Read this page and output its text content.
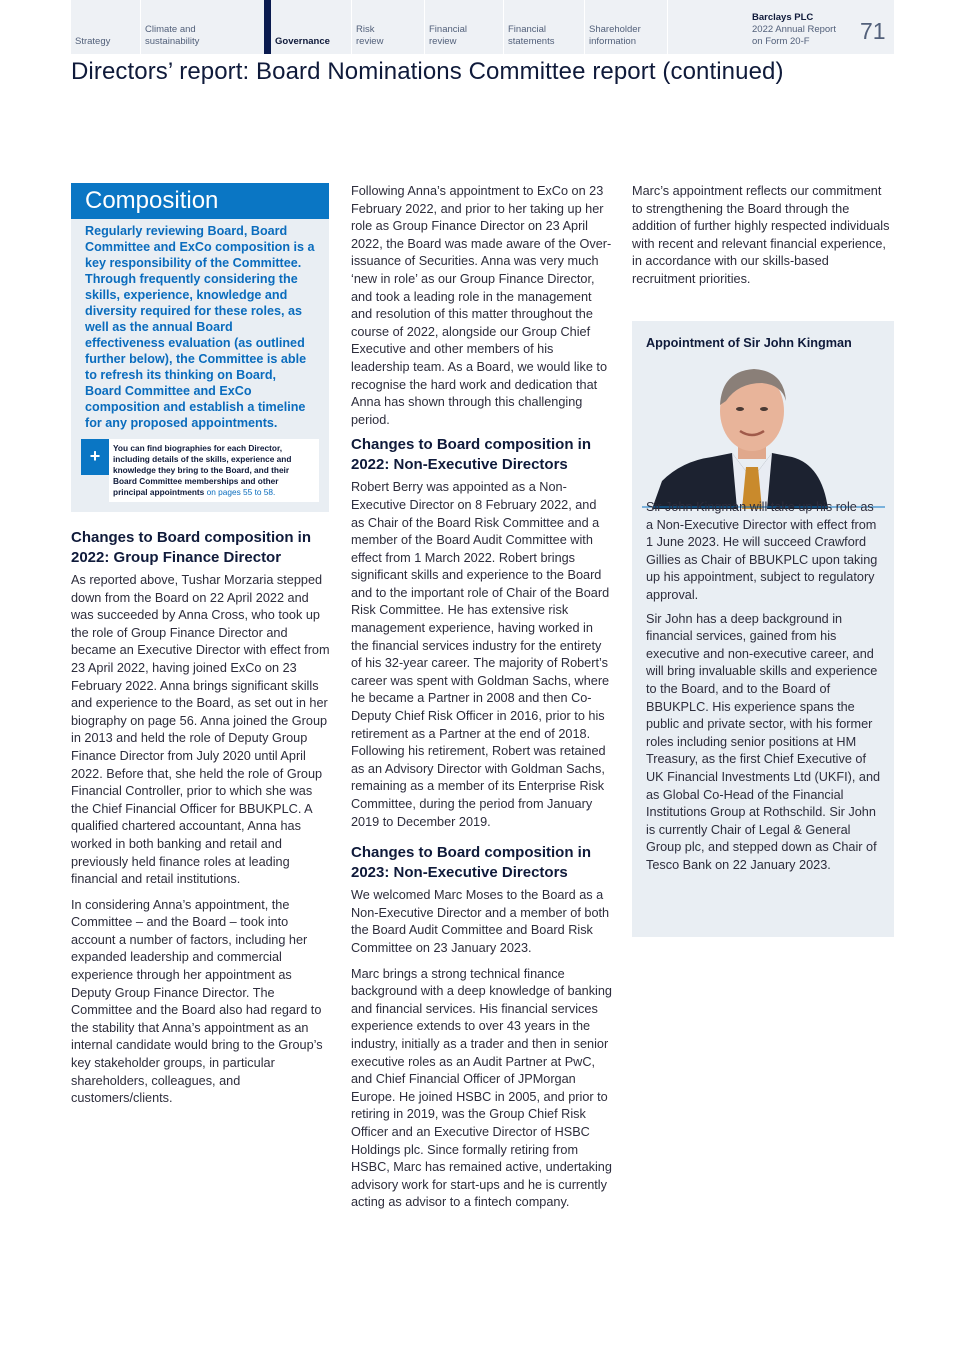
Strategy
Climate and sustainability	Governance
Risk review
Financial review
Financial statements
Shareholder information
Barclays PLC
2022 Annual Report
on Form 20-F	71
Directors’ report: Board Nominations Committee report (continued)
Composition
Regularly reviewing Board, Board Committee and ExCo composition is a key responsibility of the Committee. Through frequently considering the skills, experience, knowledge and diversity required for these roles, as well as the annual Board effectiveness evaluation (as outlined further below), the Committee is able to refresh its thinking on Board, Board Committee and ExCo composition and establish a timeline for any proposed appointments.
+	You can find biographies for each Director, including details of the skills, experience and knowledge they bring to the Board, and their Board Committee memberships and other principal appointments on pages 55 to 58.
Changes to Board composition in 2022: Group Finance Director

As reported above, Tushar Morzaria stepped down from the Board on 22 April 2022 and was succeeded by Anna Cross, who took up the role of Group Finance Director and became an Executive Director with effect from 23 April 2022, having joined ExCo on 23 February 2022. Anna brings significant skills and experience to the Board, as set out in her biography on page 56. Anna joined the Group in 2013 and held the role of Deputy Group Finance Director from July 2020 until April 2022. Before that, she held the role of Group Financial Controller, prior to which she was the Chief Financial Officer for BBUKPLC. A qualified chartered accountant, Anna has worked in both banking and retail and previously held finance roles at leading financial and retail institutions.

In considering Anna’s appointment, the Committee – and the Board – took into account a number of factors, including her expanded leadership and commercial experience through her appointment as Deputy Group Finance Director. The Committee and the Board also had regard to the stability that Anna’s appointment as an internal candidate would bring to the Group’s key stakeholder groups, in particular shareholders, colleagues, and customers/clients.

Following Anna’s appointment to ExCo on 23 February 2022, and prior to her taking up her role as Group Finance Director on 23 April 2022, the Board was made aware of the Over-issuance of Securities. Anna was very much ‘new in role’ as our Group Finance Director, and took a leading role in the management and resolution of this matter throughout the course of 2022, alongside our Group Chief Executive and other members of his leadership team. As a Board, we would like to recognise the hard work and dedication that Anna has shown through this challenging period.

Changes to Board composition in 2022: Non-Executive Directors

Robert Berry was appointed as a Non-Executive Director on 8 February 2022, and as Chair of the Board Risk Committee and a member of the Board Audit Committee with effect from 1 March 2022. Robert brings significant skills and experience to the Board and to the important role of Chair of the Board Risk Committee. He has extensive risk management experience, having worked in the financial services industry for the entirety of his 32-year career. The majority of Robert’s career was spent with Goldman Sachs, where he became a Partner in 2008 and then Co-Deputy Chief Risk Officer in 2016, prior to his retirement as a Partner at the end of 2018. Following his retirement, Robert was retained as an Advisory Director with Goldman Sachs, remaining as a member of its Enterprise Risk Committee, during the period from January 2019 to December 2019.

Changes to Board composition in 2023: Non-Executive Directors

We welcomed Marc Moses to the Board as a Non-Executive Director and a member of both the Board Audit Committee and Board Risk Committee on 23 January 2023.

Marc brings a strong technical finance background with a deep knowledge of banking and financial services. His financial services experience extends to over 43 years in the industry, initially as a trader and then in senior executive roles as an Audit Partner at PwC, and Chief Financial Officer of JPMorgan Europe. He joined HSBC in 2005, and prior to retiring in 2019, was the Group Chief Risk Officer and an Executive Director of HSBC Holdings plc. Since formally retiring from HSBC, Marc has remained active, undertaking advisory work for start-ups and he is currently acting as advisor to a fintech company.

Marc’s appointment reflects our commitment to strengthening the Board through the addition of further highly respected individuals with recent and relevant financial experience, in accordance with our skills-based recruitment priorities.

Appointment of Sir John Kingman

Sir John Kingman will take up his role as a Non-Executive Director with effect from 1 June 2023. He will succeed Crawford Gillies as Chair of BBUKPLC upon taking up his appointment, subject to regulatory approval.

Sir John has a deep background in financial services, gained from his executive and non-executive career, and will bring invaluable skills and experience to the Board, and to the Board of BBUKPLC. His experience spans the public and private sector, with his former roles including senior positions at HM Treasury, as the first Chief Executive of UK Financial Investments Ltd (UKFI), and as Global Co-Head of the Financial Institutions Group at Rothschild. Sir John is currently Chair of Legal & General Group plc, and stepped down as Chair of Tesco Bank on 22 January 2023.
